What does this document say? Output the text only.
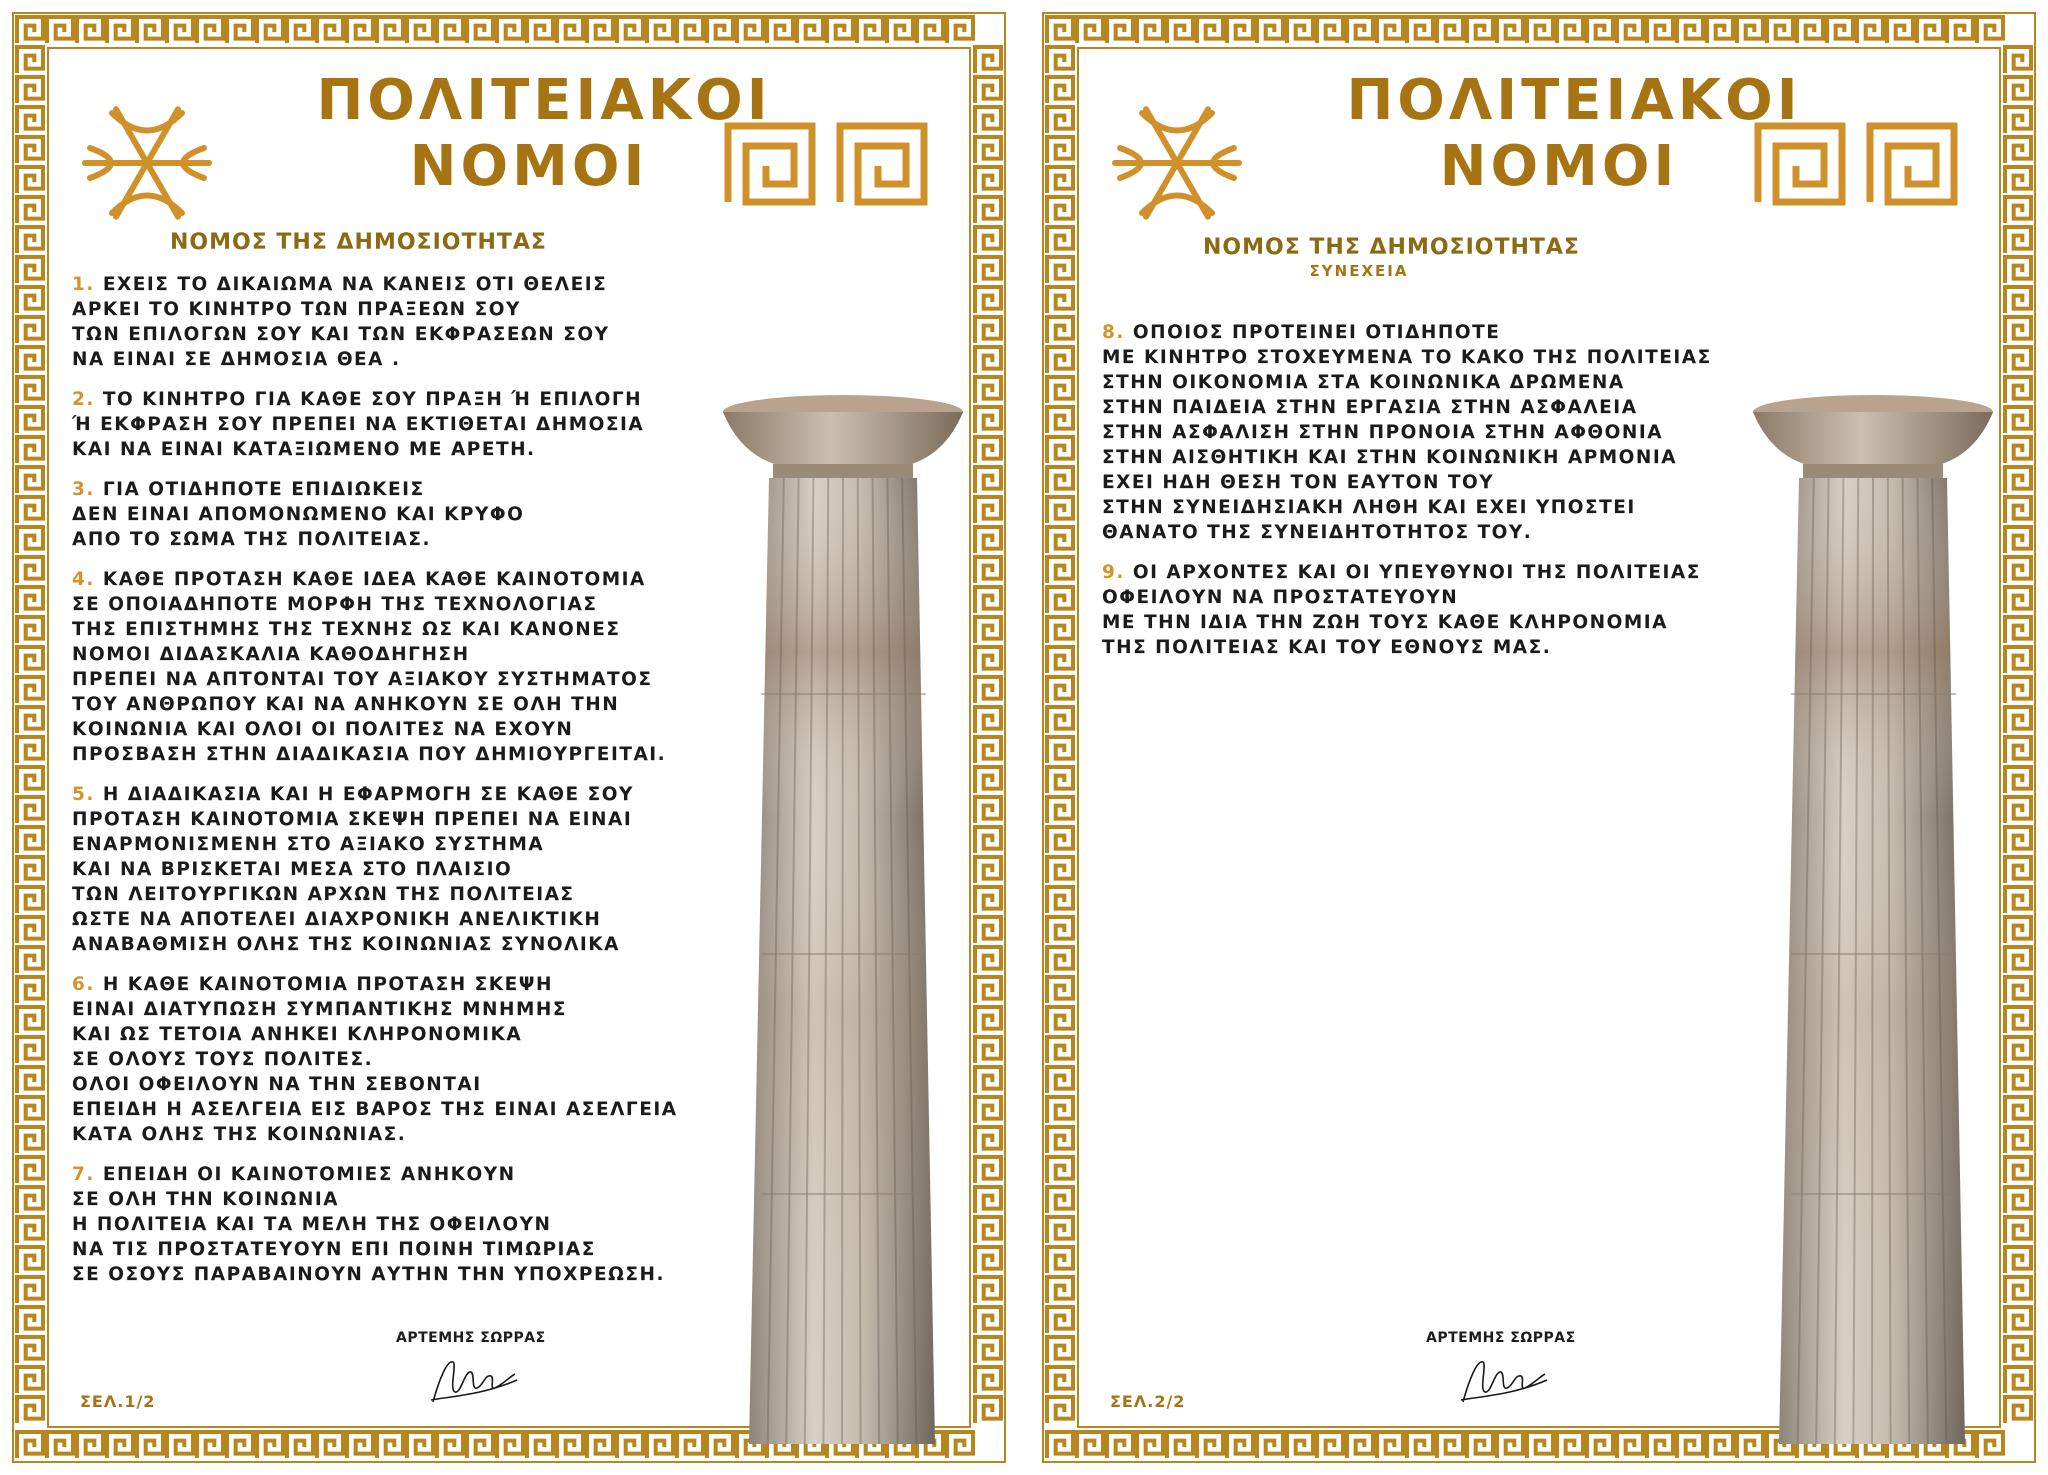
ΠΟΛΙΤΕΙΑΚΟΙ
ΝΟΜΟΙ
ΝΟΜΟΣ ΤΗΣ ΔΗΜΟΣΙΟΤΗΤΑΣ
1. ΕΧΕΙΣ ΤΟ ΔΙΚΑΙΩΜΑ ΝΑ ΚΑΝΕΙΣ ΟΤΙ ΘΕΛΕΙΣ
ΑΡΚΕΙ ΤΟ ΚΙΝΗΤΡΟ ΤΩΝ ΠΡΑΞΕΩΝ ΣΟΥ
ΤΩΝ ΕΠΙΛΟΓΩΝ ΣΟΥ ΚΑΙ ΤΩΝ ΕΚΦΡΑΣΕΩΝ ΣΟΥ
ΝΑ ΕΙΝΑΙ ΣΕ ΔΗΜΟΣΙΑ ΘΕΑ .
2. ΤΟ ΚΙΝΗΤΡΟ ΓΙΑ ΚΑΘΕ ΣΟΥ ΠΡΑΞΗ Ή ΕΠΙΛΟΓΗ
Ή ΕΚΦΡΑΣΗ ΣΟΥ ΠΡΕΠΕΙ ΝΑ ΕΚΤΙΘΕΤΑΙ ΔΗΜΟΣΙΑ
ΚΑΙ ΝΑ ΕΙΝΑΙ ΚΑΤΑΞΙΩΜΕΝΟ ΜΕ ΑΡΕΤΗ.
3. ΓΙΑ ΟΤΙΔΗΠΟΤΕ ΕΠΙΔΙΩΚΕΙΣ
ΔΕΝ ΕΙΝΑΙ ΑΠΟΜΟΝΩΜΕΝΟ ΚΑΙ ΚΡΥΦΟ
ΑΠΟ ΤΟ ΣΩΜΑ ΤΗΣ ΠΟΛΙΤΕΙΑΣ.
4. ΚΑΘΕ ΠΡΟΤΑΣΗ ΚΑΘΕ ΙΔΕΑ ΚΑΘΕ ΚΑΙΝΟΤΟΜΙΑ
ΣΕ ΟΠΟΙΑΔΗΠΟΤΕ ΜΟΡΦΗ ΤΗΣ ΤΕΧΝΟΛΟΓΙΑΣ
ΤΗΣ ΕΠΙΣΤΗΜΗΣ ΤΗΣ ΤΕΧΝΗΣ ΩΣ ΚΑΙ ΚΑΝΟΝΕΣ
ΝΟΜΟΙ ΔΙΔΑΣΚΑΛΙΑ ΚΑΘΟΔΗΓΗΣΗ
ΠΡΕΠΕΙ ΝΑ ΑΠΤΟΝΤΑΙ ΤΟΥ ΑΞΙΑΚΟΥ ΣΥΣΤΗΜΑΤΟΣ
ΤΟΥ ΑΝΘΡΩΠΟΥ ΚΑΙ ΝΑ ΑΝΗΚΟΥΝ ΣΕ ΟΛΗ ΤΗΝ
ΚΟΙΝΩΝΙΑ ΚΑΙ ΟΛΟΙ ΟΙ ΠΟΛΙΤΕΣ ΝΑ ΕΧΟΥΝ
ΠΡΟΣΒΑΣΗ ΣΤΗΝ ΔΙΑΔΙΚΑΣΙΑ ΠΟΥ ΔΗΜΙΟΥΡΓΕΙΤΑΙ.
5. Η ΔΙΑΔΙΚΑΣΙΑ ΚΑΙ Η ΕΦΑΡΜΟΓΗ ΣΕ ΚΑΘΕ ΣΟΥ
ΠΡΟΤΑΣΗ ΚΑΙΝΟΤΟΜΙΑ ΣΚΕΨΗ ΠΡΕΠΕΙ ΝΑ ΕΙΝΑΙ
ΕΝΑΡΜΟΝΙΣΜΕΝΗ ΣΤΟ ΑΞΙΑΚΟ ΣΥΣΤΗΜΑ
ΚΑΙ ΝΑ ΒΡΙΣΚΕΤΑΙ ΜΕΣΑ ΣΤΟ ΠΛΑΙΣΙΟ
ΤΩΝ ΛΕΙΤΟΥΡΓΙΚΩΝ ΑΡΧΩΝ ΤΗΣ ΠΟΛΙΤΕΙΑΣ
ΩΣΤΕ ΝΑ ΑΠΟΤΕΛΕΙ ΔΙΑΧΡΟΝΙΚΗ ΑΝΕΛΙΚΤΙΚΗ
ΑΝΑΒΑΘΜΙΣΗ ΟΛΗΣ ΤΗΣ ΚΟΙΝΩΝΙΑΣ ΣΥΝΟΛΙΚΑ
6. Η ΚΑΘΕ ΚΑΙΝΟΤΟΜΙΑ ΠΡΟΤΑΣΗ ΣΚΕΨΗ
ΕΙΝΑΙ ΔΙΑΤΥΠΩΣΗ ΣΥΜΠΑΝΤΙΚΗΣ ΜΝΗΜΗΣ
ΚΑΙ ΩΣ ΤΕΤΟΙΑ ΑΝΗΚΕΙ ΚΛΗΡΟΝΟΜΙΚΑ
ΣΕ ΟΛΟΥΣ ΤΟΥΣ ΠΟΛΙΤΕΣ.
ΟΛΟΙ ΟΦΕΙΛΟΥΝ ΝΑ ΤΗΝ ΣΕΒΟΝΤΑΙ
ΕΠΕΙΔΗ Η ΑΣΕΛΓΕΙΑ ΕΙΣ ΒΑΡΟΣ ΤΗΣ ΕΙΝΑΙ ΑΣΕΛΓΕΙΑ
ΚΑΤΑ ΟΛΗΣ ΤΗΣ ΚΟΙΝΩΝΙΑΣ.
7. ΕΠΕΙΔΗ ΟΙ ΚΑΙΝΟΤΟΜΙΕΣ ΑΝΗΚΟΥΝ
ΣΕ ΟΛΗ ΤΗΝ ΚΟΙΝΩΝΙΑ
Η ΠΟΛΙΤΕΙΑ ΚΑΙ ΤΑ ΜΕΛΗ ΤΗΣ ΟΦΕΙΛΟΥΝ
ΝΑ ΤΙΣ ΠΡΟΣΤΑΤΕΥΟΥΝ ΕΠΙ ΠΟΙΝΗ ΤΙΜΩΡΙΑΣ
ΣΕ ΟΣΟΥΣ ΠΑΡΑΒΑΙΝΟΥΝ ΑΥΤΗΝ ΤΗΝ ΥΠΟΧΡΕΩΣΗ.
ΑΡΤΕΜΗΣ ΣΩΡΡΑΣ
ΣΕΛ.1/2
ΠΟΛΙΤΕΙΑΚΟΙ
ΝΟΜΟΙ
ΝΟΜΟΣ ΤΗΣ ΔΗΜΟΣΙΟΤΗΤΑΣ
ΣΥΝΕΧΕΙΑ
8. ΟΠΟΙΟΣ ΠΡΟΤΕΙΝΕΙ ΟΤΙΔΗΠΟΤΕ
ΜΕ ΚΙΝΗΤΡΟ ΣΤΟΧΕΥΜΕΝΑ ΤΟ ΚΑΚΟ ΤΗΣ ΠΟΛΙΤΕΙΑΣ
ΣΤΗΝ ΟΙΚΟΝΟΜΙΑ ΣΤΑ ΚΟΙΝΩΝΙΚΑ ΔΡΩΜΕΝΑ
ΣΤΗΝ ΠΑΙΔΕΙΑ ΣΤΗΝ ΕΡΓΑΣΙΑ ΣΤΗΝ ΑΣΦΑΛΕΙΑ
ΣΤΗΝ ΑΣΦΑΛΙΣΗ ΣΤΗΝ ΠΡΟΝΟΙΑ ΣΤΗΝ ΑΦΘΟΝΙΑ
ΣΤΗΝ ΑΙΣΘΗΤΙΚΗ ΚΑΙ ΣΤΗΝ ΚΟΙΝΩΝΙΚΗ ΑΡΜΟΝΙΑ
ΕΧΕΙ ΗΔΗ ΘΕΣΗ ΤΟΝ ΕΑΥΤΟΝ ΤΟΥ
ΣΤΗΝ ΣΥΝΕΙΔΗΣΙΑΚΗ ΛΗΘΗ ΚΑΙ ΕΧΕΙ ΥΠΟΣΤΕΙ
ΘΑΝΑΤΟ ΤΗΣ ΣΥΝΕΙΔΗΤΟΤΗΤΟΣ ΤΟΥ.
9. ΟΙ ΑΡΧΟΝΤΕΣ ΚΑΙ ΟΙ ΥΠΕΥΘΥΝΟΙ ΤΗΣ ΠΟΛΙΤΕΙΑΣ
ΟΦΕΙΛΟΥΝ ΝΑ ΠΡΟΣΤΑΤΕΥΟΥΝ
ΜΕ ΤΗΝ ΙΔΙΑ ΤΗΝ ΖΩΗ ΤΟΥΣ ΚΑΘΕ ΚΛΗΡΟΝΟΜΙΑ
ΤΗΣ ΠΟΛΙΤΕΙΑΣ ΚΑΙ ΤΟΥ ΕΘΝΟΥΣ ΜΑΣ.
ΑΡΤΕΜΗΣ ΣΩΡΡΑΣ
ΣΕΛ.2/2
